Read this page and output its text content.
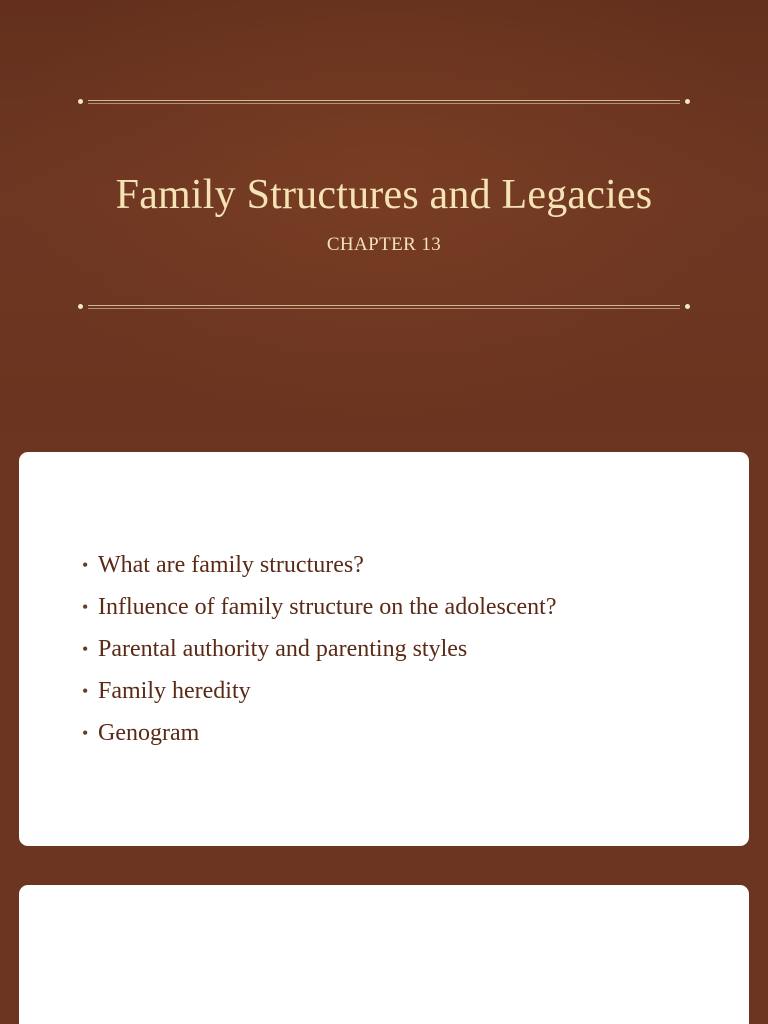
Family Structures and Legacies
CHAPTER 13
• What are family structures?
• Influence of family structure on the adolescent?
• Parental authority and parenting styles
• Family heredity
• Genogram
